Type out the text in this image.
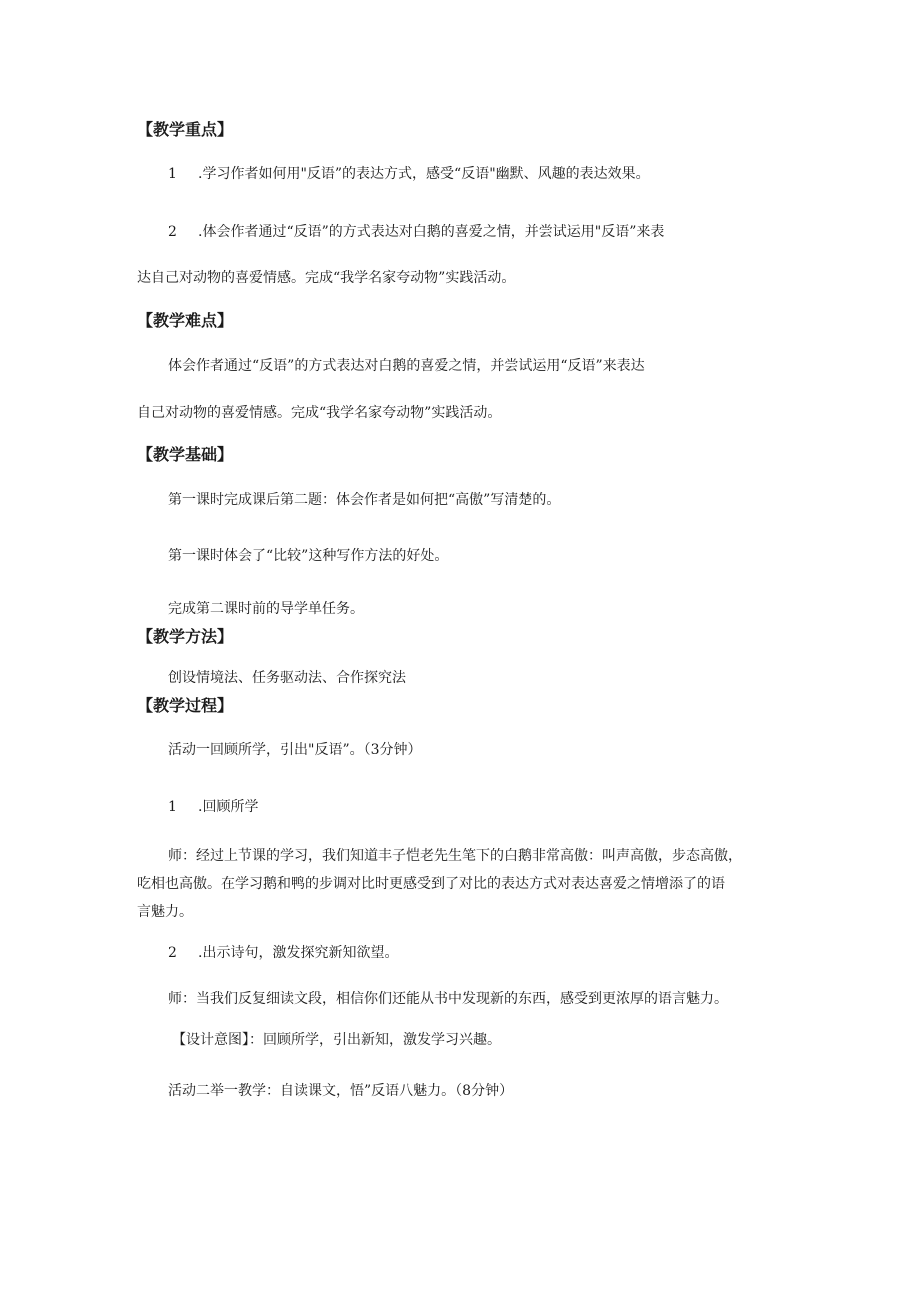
【教学重点】
1 .学习作者如何用"反语”的表达方式，感受“反语"幽默、风趣的表达效果。
2 .体会作者通过“反语”的方式表达对白鹅的喜爱之情，并尝试运用"反语”来表
达自己对动物的喜爱情感。完成“我学名家夸动物”实践活动。
【教学难点】
体会作者通过“反语”的方式表达对白鹅的喜爱之情，并尝试运用“反语”来表达
自己对动物的喜爱情感。完成“我学名家夸动物”实践活动。
【教学基础】
第一课时完成课后第二题：体会作者是如何把“高傲”写清楚的。
第一课时体会了“比较”这种写作方法的好处。
完成第二课时前的导学单任务。
【教学方法】
创设情境法、任务驱动法、合作探究法
【教学过程】
活动一回顾所学，引出"反语”。（3分钟）
1 .回顾所学
师：经过上节课的学习，我们知道丰子恺老先生笔下的白鹅非常高傲：叫声高傲，步态高傲，
吃相也高傲。在学习鹅和鸭的步调对比时更感受到了对比的表达方式对表达喜爱之情增添了的语
言魅力。
2 .出示诗句，激发探究新知欲望。
师：当我们反复细读文段，相信你们还能从书中发现新的东西，感受到更浓厚的语言魅力。
【设计意图】：回顾所学，引出新知，激发学习兴趣。
活动二举一教学：自读课文，悟”反语八魅力。（8分钟）
